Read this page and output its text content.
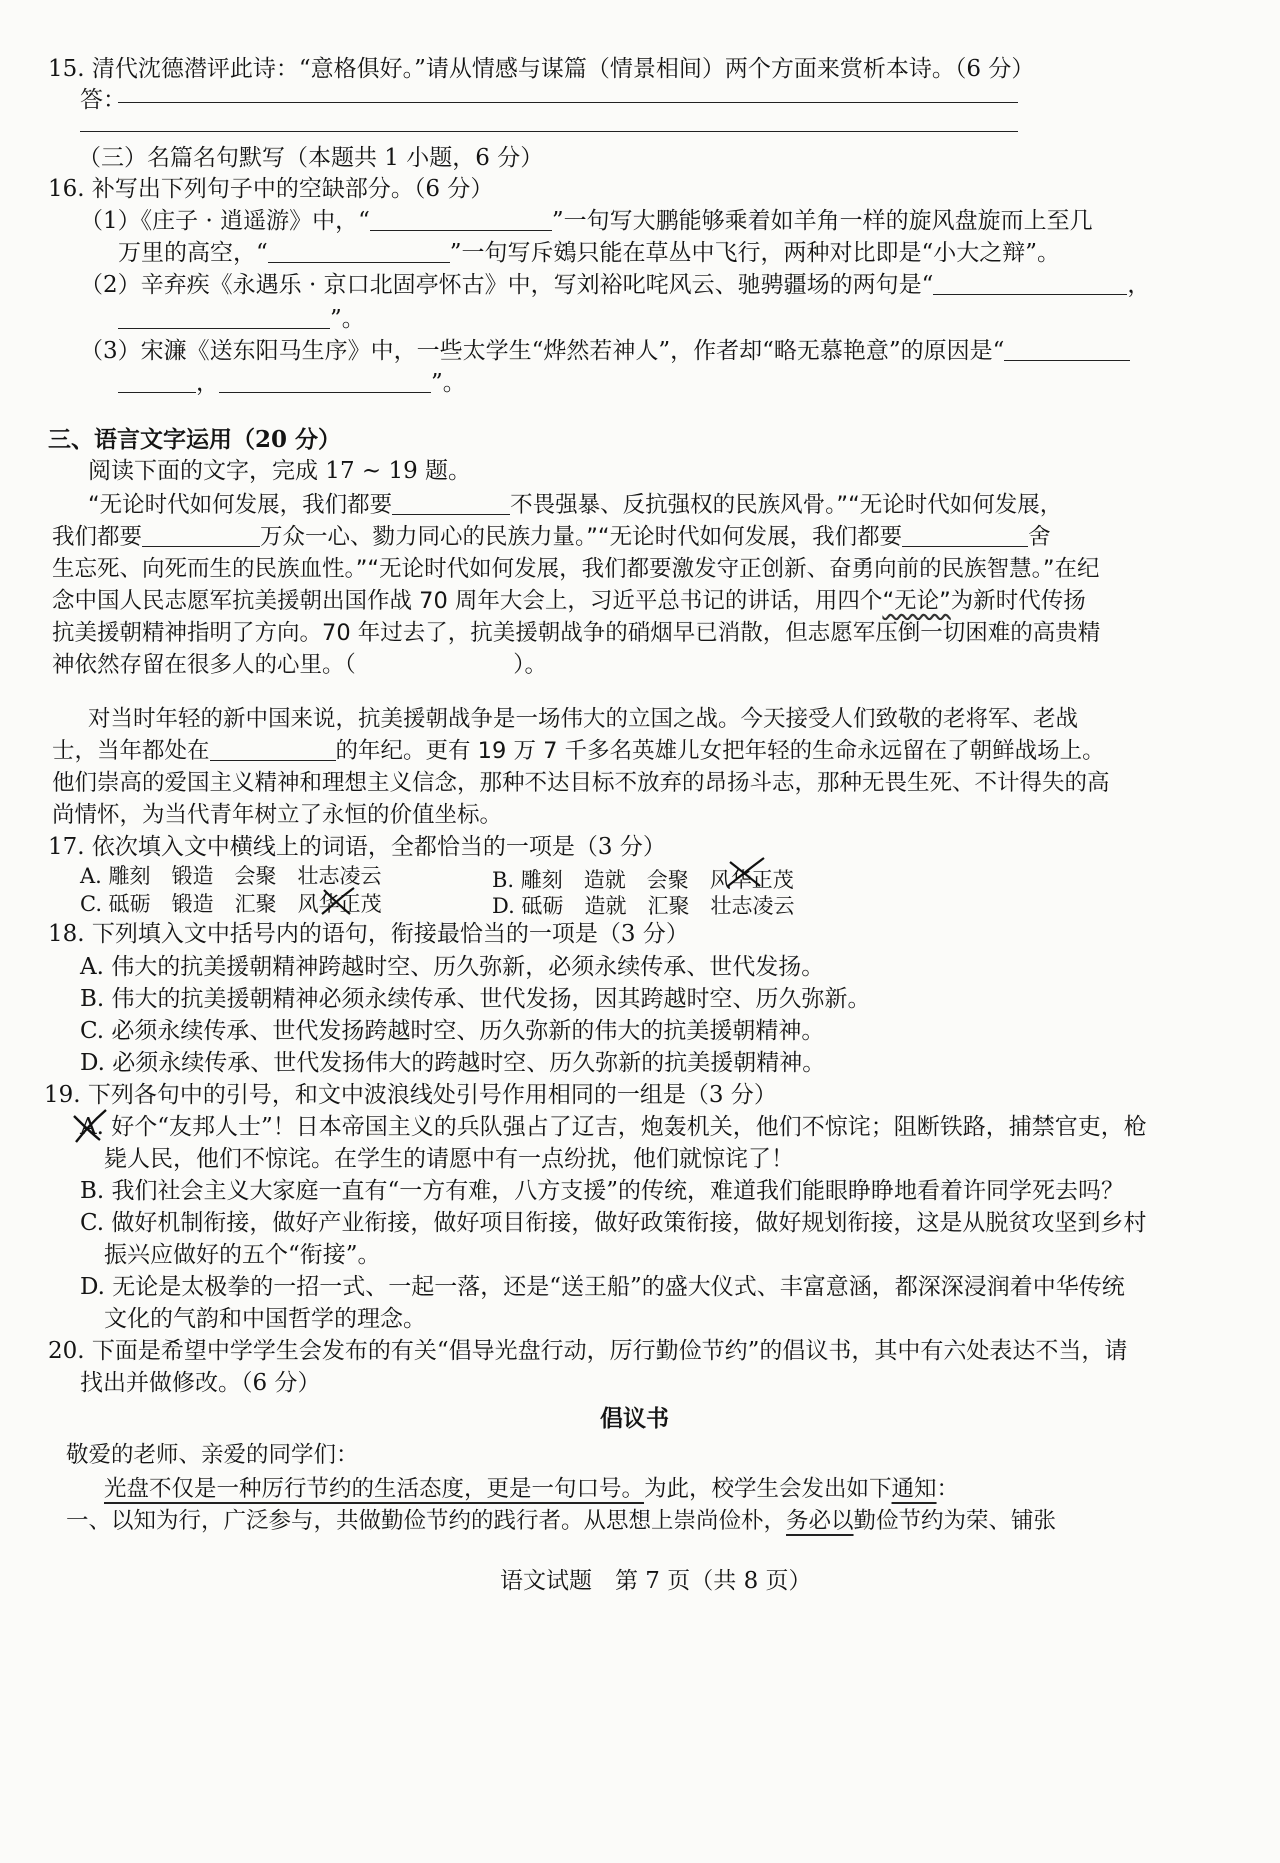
15. 清代沈德潜评此诗：“意格俱好。”请从情感与谋篇（情景相间）两个方面来赏析本诗。（6 分）
答：
（三）名篇名句默写（本题共 1 小题，6 分）
16. 补写出下列句子中的空缺部分。（6 分）
（1）《庄子 · 逍遥游》中，“	”一句写大鹏能够乘着如羊角一样的旋风盘旋而上至几
万里的高空，“	”一句写斥鴳只能在草丛中飞行，两种对比即是“小大之辩”。
（2）辛弃疾《永遇乐 · 京口北固亭怀古》中，写刘裕叱咤风云、驰骋疆场的两句是“	，
”。
（3）宋濂《送东阳马生序》中，一些太学生“烨然若神人”，作者却“略无慕艳意”的原因是“
，	”。
三、语言文字运用（20 分）
阅读下面的文字，完成 17 ~ 19 题。
“无论时代如何发展，我们都要	不畏强暴、反抗强权的民族风骨。”“无论时代如何发展，
我们都要	万众一心、勠力同心的民族力量。”“无论时代如何发展，我们都要	舍
生忘死、向死而生的民族血性。”“无论时代如何发展，我们都要激发守正创新、奋勇向前的民族智慧。”在纪
念中国人民志愿军抗美援朝出国作战 70 周年大会上，习近平总书记的讲话，用四个“无论”为新时代传扬
抗美援朝精神指明了方向。70 年过去了，抗美援朝战争的硝烟早已消散，但志愿军压倒一切困难的高贵精
神依然存留在很多人的心里。（　　　　　　　）。
对当时年轻的新中国来说，抗美援朝战争是一场伟大的立国之战。今天接受人们致敬的老将军、老战
士，当年都处在	的年纪。更有 19 万 7 千多名英雄儿女把年轻的生命永远留在了朝鲜战场上。
他们崇高的爱国主义精神和理想主义信念，那种不达目标不放弃的昂扬斗志，那种无畏生死、不计得失的高
尚情怀，为当代青年树立了永恒的价值坐标。
17. 依次填入文中横线上的词语，全都恰当的一项是（3 分）
A. 雕刻　锻造　会聚　壮志凌云	B. 雕刻　造就　会聚　风华正茂
C. 砥砺　锻造　汇聚　风华正茂	D. 砥砺　造就　汇聚　壮志凌云
18. 下列填入文中括号内的语句，衔接最恰当的一项是（3 分）
A. 伟大的抗美援朝精神跨越时空、历久弥新，必须永续传承、世代发扬。
B. 伟大的抗美援朝精神必须永续传承、世代发扬，因其跨越时空、历久弥新。
C. 必须永续传承、世代发扬跨越时空、历久弥新的伟大的抗美援朝精神。
D. 必须永续传承、世代发扬伟大的跨越时空、历久弥新的抗美援朝精神。
19. 下列各句中的引号，和文中波浪线处引号作用相同的一组是（3 分）
A. 好个“友邦人士”！日本帝国主义的兵队强占了辽吉，炮轰机关，他们不惊诧；阻断铁路，捕禁官吏，枪
毙人民，他们不惊诧。在学生的请愿中有一点纷扰，他们就惊诧了！
B. 我们社会主义大家庭一直有“一方有难，八方支援”的传统，难道我们能眼睁睁地看着许同学死去吗？
C. 做好机制衔接，做好产业衔接，做好项目衔接，做好政策衔接，做好规划衔接，这是从脱贫攻坚到乡村
振兴应做好的五个“衔接”。
D. 无论是太极拳的一招一式、一起一落，还是“送王船”的盛大仪式、丰富意涵，都深深浸润着中华传统
文化的气韵和中国哲学的理念。
20. 下面是希望中学学生会发布的有关“倡导光盘行动，厉行勤俭节约”的倡议书，其中有六处表达不当，请
找出并做修改。（6 分）
倡议书
敬爱的老师、亲爱的同学们：
光盘不仅是一种厉行节约的生活态度，更是一句口号。为此，校学生会发出如下通知：
一、以知为行，广泛参与，共做勤俭节约的践行者。从思想上崇尚俭朴，务必以勤俭节约为荣、铺张
语文试题　第 7 页（共 8 页）
